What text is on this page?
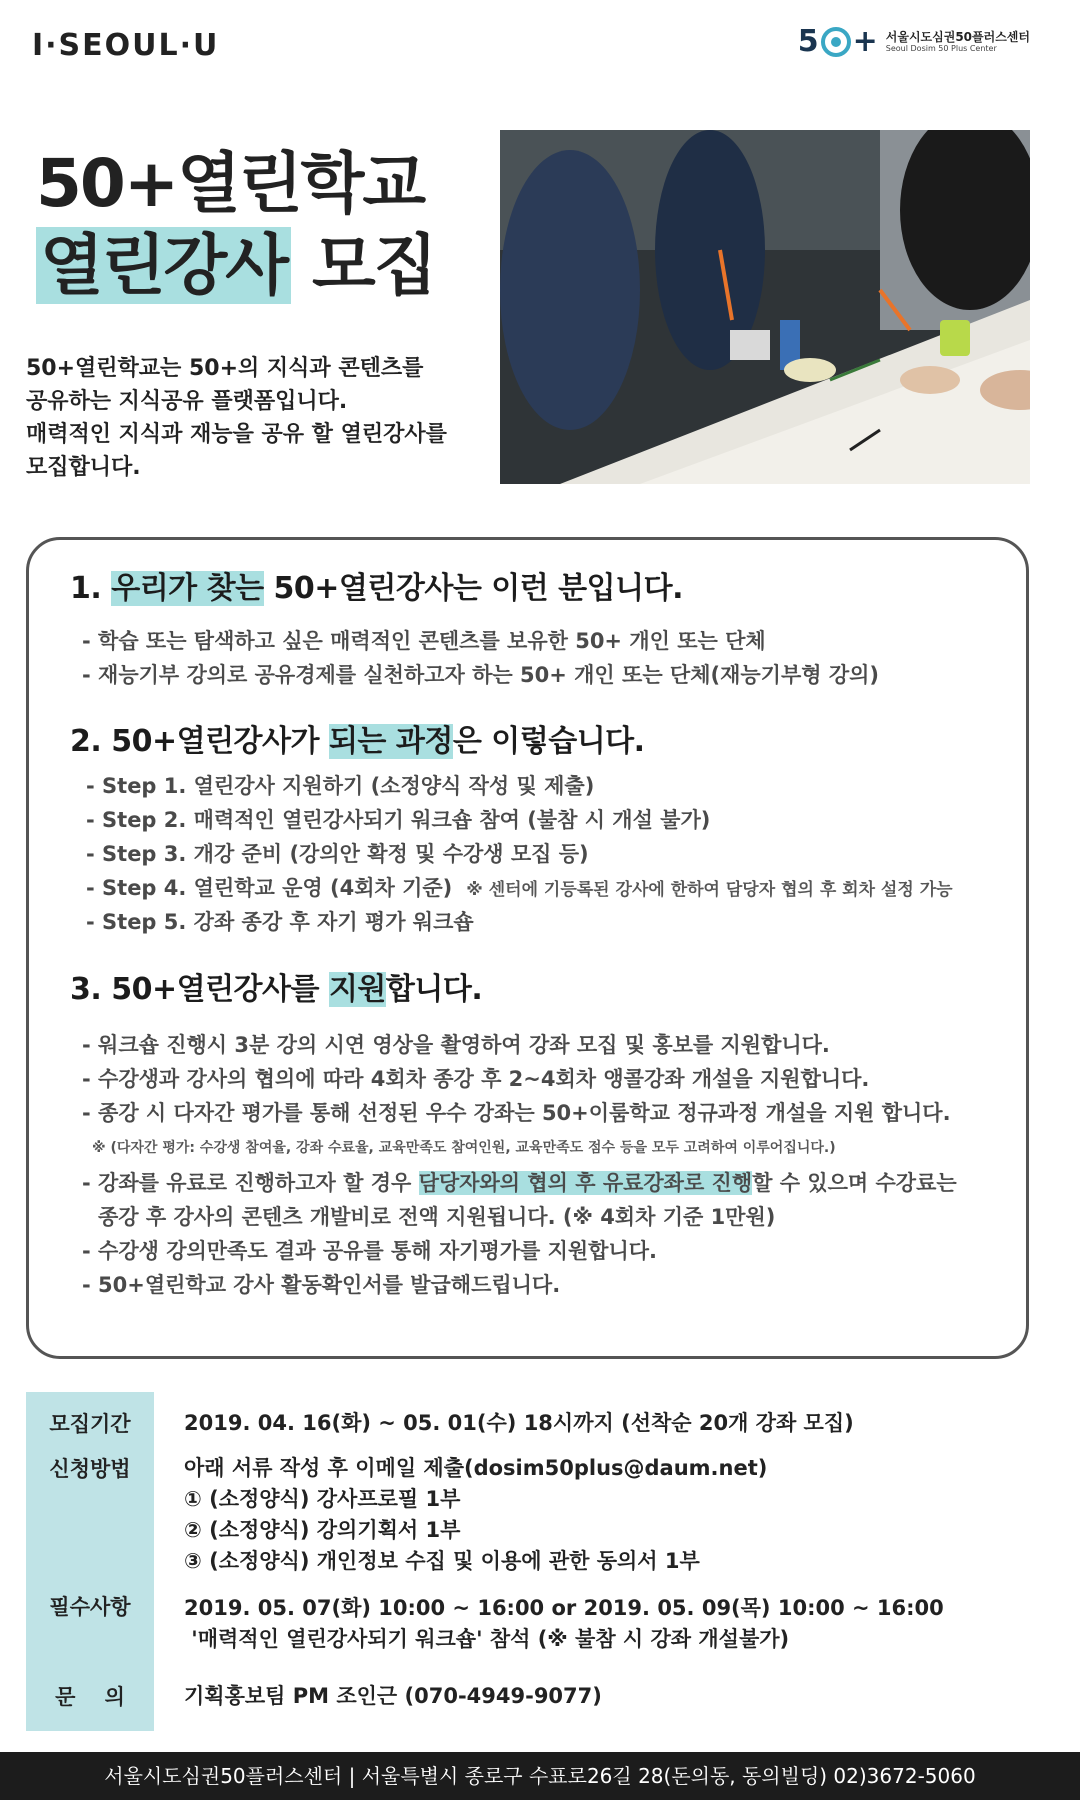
I·SEOUL·U	5 + 서울시도심권50플러스센터
Seoul Dosim 50 Plus Center
50+열린학교
열린강사 모집
50+열린학교는 50+의 지식과 콘텐츠를
공유하는 지식공유 플랫폼입니다.
매력적인 지식과 재능을 공유 할 열린강사를
모집합니다.
1. 우리가 찾는 50+열린강사는 이런 분입니다.
- 학습 또는 탐색하고 싶은 매력적인 콘텐츠를 보유한 50+ 개인 또는 단체
- 재능기부 강의로 공유경제를 실천하고자 하는 50+ 개인 또는 단체(재능기부형 강의)
2. 50+열린강사가 되는 과정은 이렇습니다.
- Step 1. 열린강사 지원하기 (소정양식 작성 및 제출)
- Step 2. 매력적인 열린강사되기 워크숍 참여 (불참 시 개설 불가)
- Step 3. 개강 준비 (강의안 확정 및 수강생 모집 등)
- Step 4. 열린학교 운영 (4회차 기준) ※ 센터에 기등록된 강사에 한하여 담당자 협의 후 회차 설정 가능
- Step 5. 강좌 종강 후 자기 평가 워크숍
3. 50+열린강사를 지원합니다.
- 워크숍 진행시 3분 강의 시연 영상을 촬영하여 강좌 모집 및 홍보를 지원합니다.
- 수강생과 강사의 협의에 따라 4회차 종강 후 2~4회차 앵콜강좌 개설을 지원합니다.
- 종강 시 다자간 평가를 통해 선정된 우수 강좌는 50+이룸학교 정규과정 개설을 지원 합니다.
※ (다자간 평가: 수강생 참여율, 강좌 수료율, 교육만족도 참여인원, 교육만족도 점수 등을 모두 고려하여 이루어집니다.)
- 강좌를 유료로 진행하고자 할 경우 담당자와의 협의 후 유료강좌로 진행할 수 있으며 수강료는
종강 후 강사의 콘텐츠 개발비로 전액 지원됩니다. (※ 4회차 기준 1만원)
- 수강생 강의만족도 결과 공유를 통해 자기평가를 지원합니다.
- 50+열린학교 강사 활동확인서를 발급해드립니다.
모집기간	2019. 04. 16(화) ~ 05. 01(수) 18시까지 (선착순 20개 강좌 모집)
신청방법	아래 서류 작성 후 이메일 제출(dosim50plus@daum.net)
① (소정양식) 강사프로필 1부
② (소정양식) 강의기획서 1부
③ (소정양식) 개인정보 수집 및 이용에 관한 동의서 1부
필수사항	2019. 05. 07(화) 10:00 ~ 16:00 or 2019. 05. 09(목) 10:00 ~ 16:00
'매력적인 열린강사되기 워크숍' 참석 (※ 불참 시 강좌 개설불가)
문    의	기획홍보팀 PM 조인근 (070-4949-9077)
서울시도심권50플러스센터 | 서울특별시 종로구 수표로26길 28(돈의동, 동의빌딩) 02)3672-5060
